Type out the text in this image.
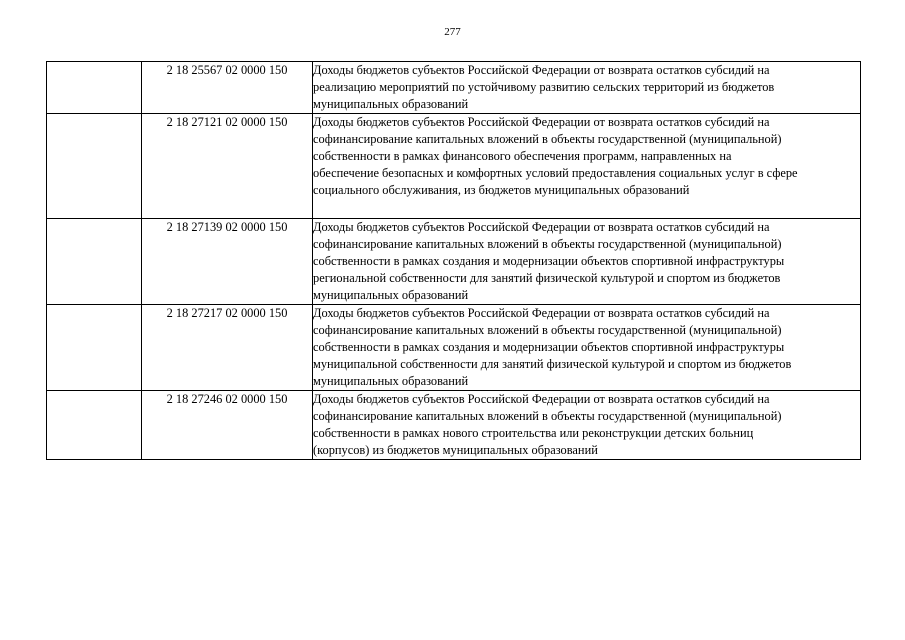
277
	2 18 25567 02 0000 150	Доходы бюджетов субъектов Российской Федерации от возврата остатков субсидий на
реализацию мероприятий по устойчивому развитию сельских территорий из бюджетов
муниципальных образований

	2 18 27121 02 0000 150	Доходы бюджетов субъектов Российской Федерации от возврата остатков субсидий на
софинансирование капитальных вложений в объекты государственной (муниципальной)
собственности в рамках финансового обеспечения программ, направленных на
обеспечение безопасных и комфортных условий предоставления социальных услуг в сфере
социального обслуживания, из бюджетов муниципальных образований

	2 18 27139 02 0000 150	Доходы бюджетов субъектов Российской Федерации от возврата остатков субсидий на
софинансирование капитальных вложений в объекты государственной (муниципальной)
собственности в рамках создания и модернизации объектов спортивной инфраструктуры
региональной собственности для занятий физической культурой и спортом из бюджетов
муниципальных образований

	2 18 27217 02 0000 150	Доходы бюджетов субъектов Российской Федерации от возврата остатков субсидий на
софинансирование капитальных вложений в объекты государственной (муниципальной)
собственности в рамках создания и модернизации объектов спортивной инфраструктуры
муниципальной собственности для занятий физической культурой и спортом из бюджетов
муниципальных образований

	2 18 27246 02 0000 150	Доходы бюджетов субъектов Российской Федерации от возврата остатков субсидий на
софинансирование капитальных вложений в объекты государственной (муниципальной)
собственности в рамках нового строительства или реконструкции детских больниц
(корпусов) из бюджетов муниципальных образований
